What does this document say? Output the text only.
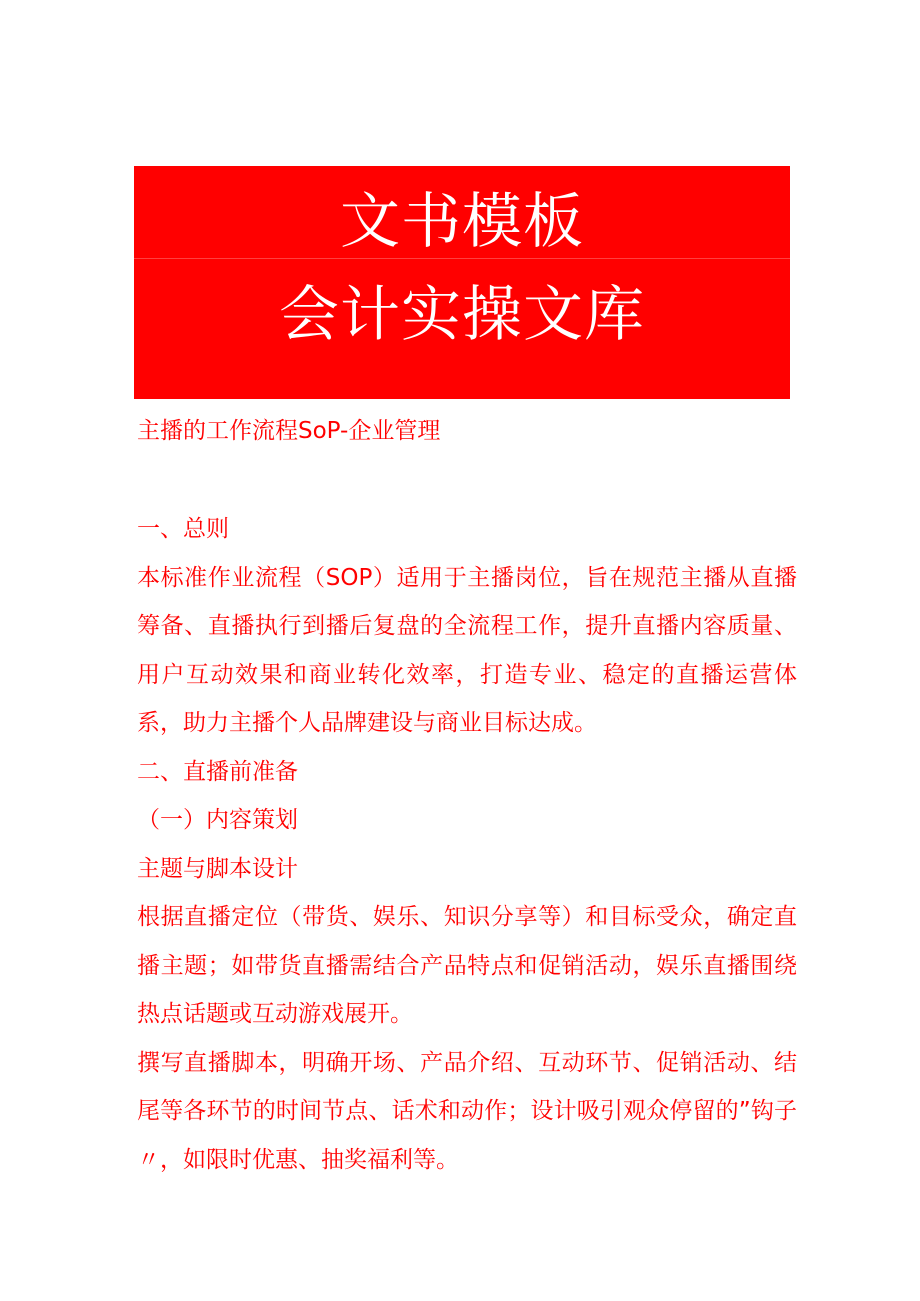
文书模板
会计实操文库
主播的工作流程SoP-企业管理

一、总则

本标准作业流程（SOP）适用于主播岗位，旨在规范主播从直播筹备、直播执行到播后复盘的全流程工作，提升直播内容质量、用户互动效果和商业转化效率，打造专业、稳定的直播运营体系，助力主播个人品牌建设与商业目标达成。

二、直播前准备

（一）内容策划

主题与脚本设计

根据直播定位（带货、娱乐、知识分享等）和目标受众，确定直播主题；如带货直播需结合产品特点和促销活动，娱乐直播围绕热点话题或互动游戏展开。

撰写直播脚本，明确开场、产品介绍、互动环节、促销活动、结尾等各环节的时间节点、话术和动作；设计吸引观众停留的”钩子〃，如限时优惠、抽奖福利等。
